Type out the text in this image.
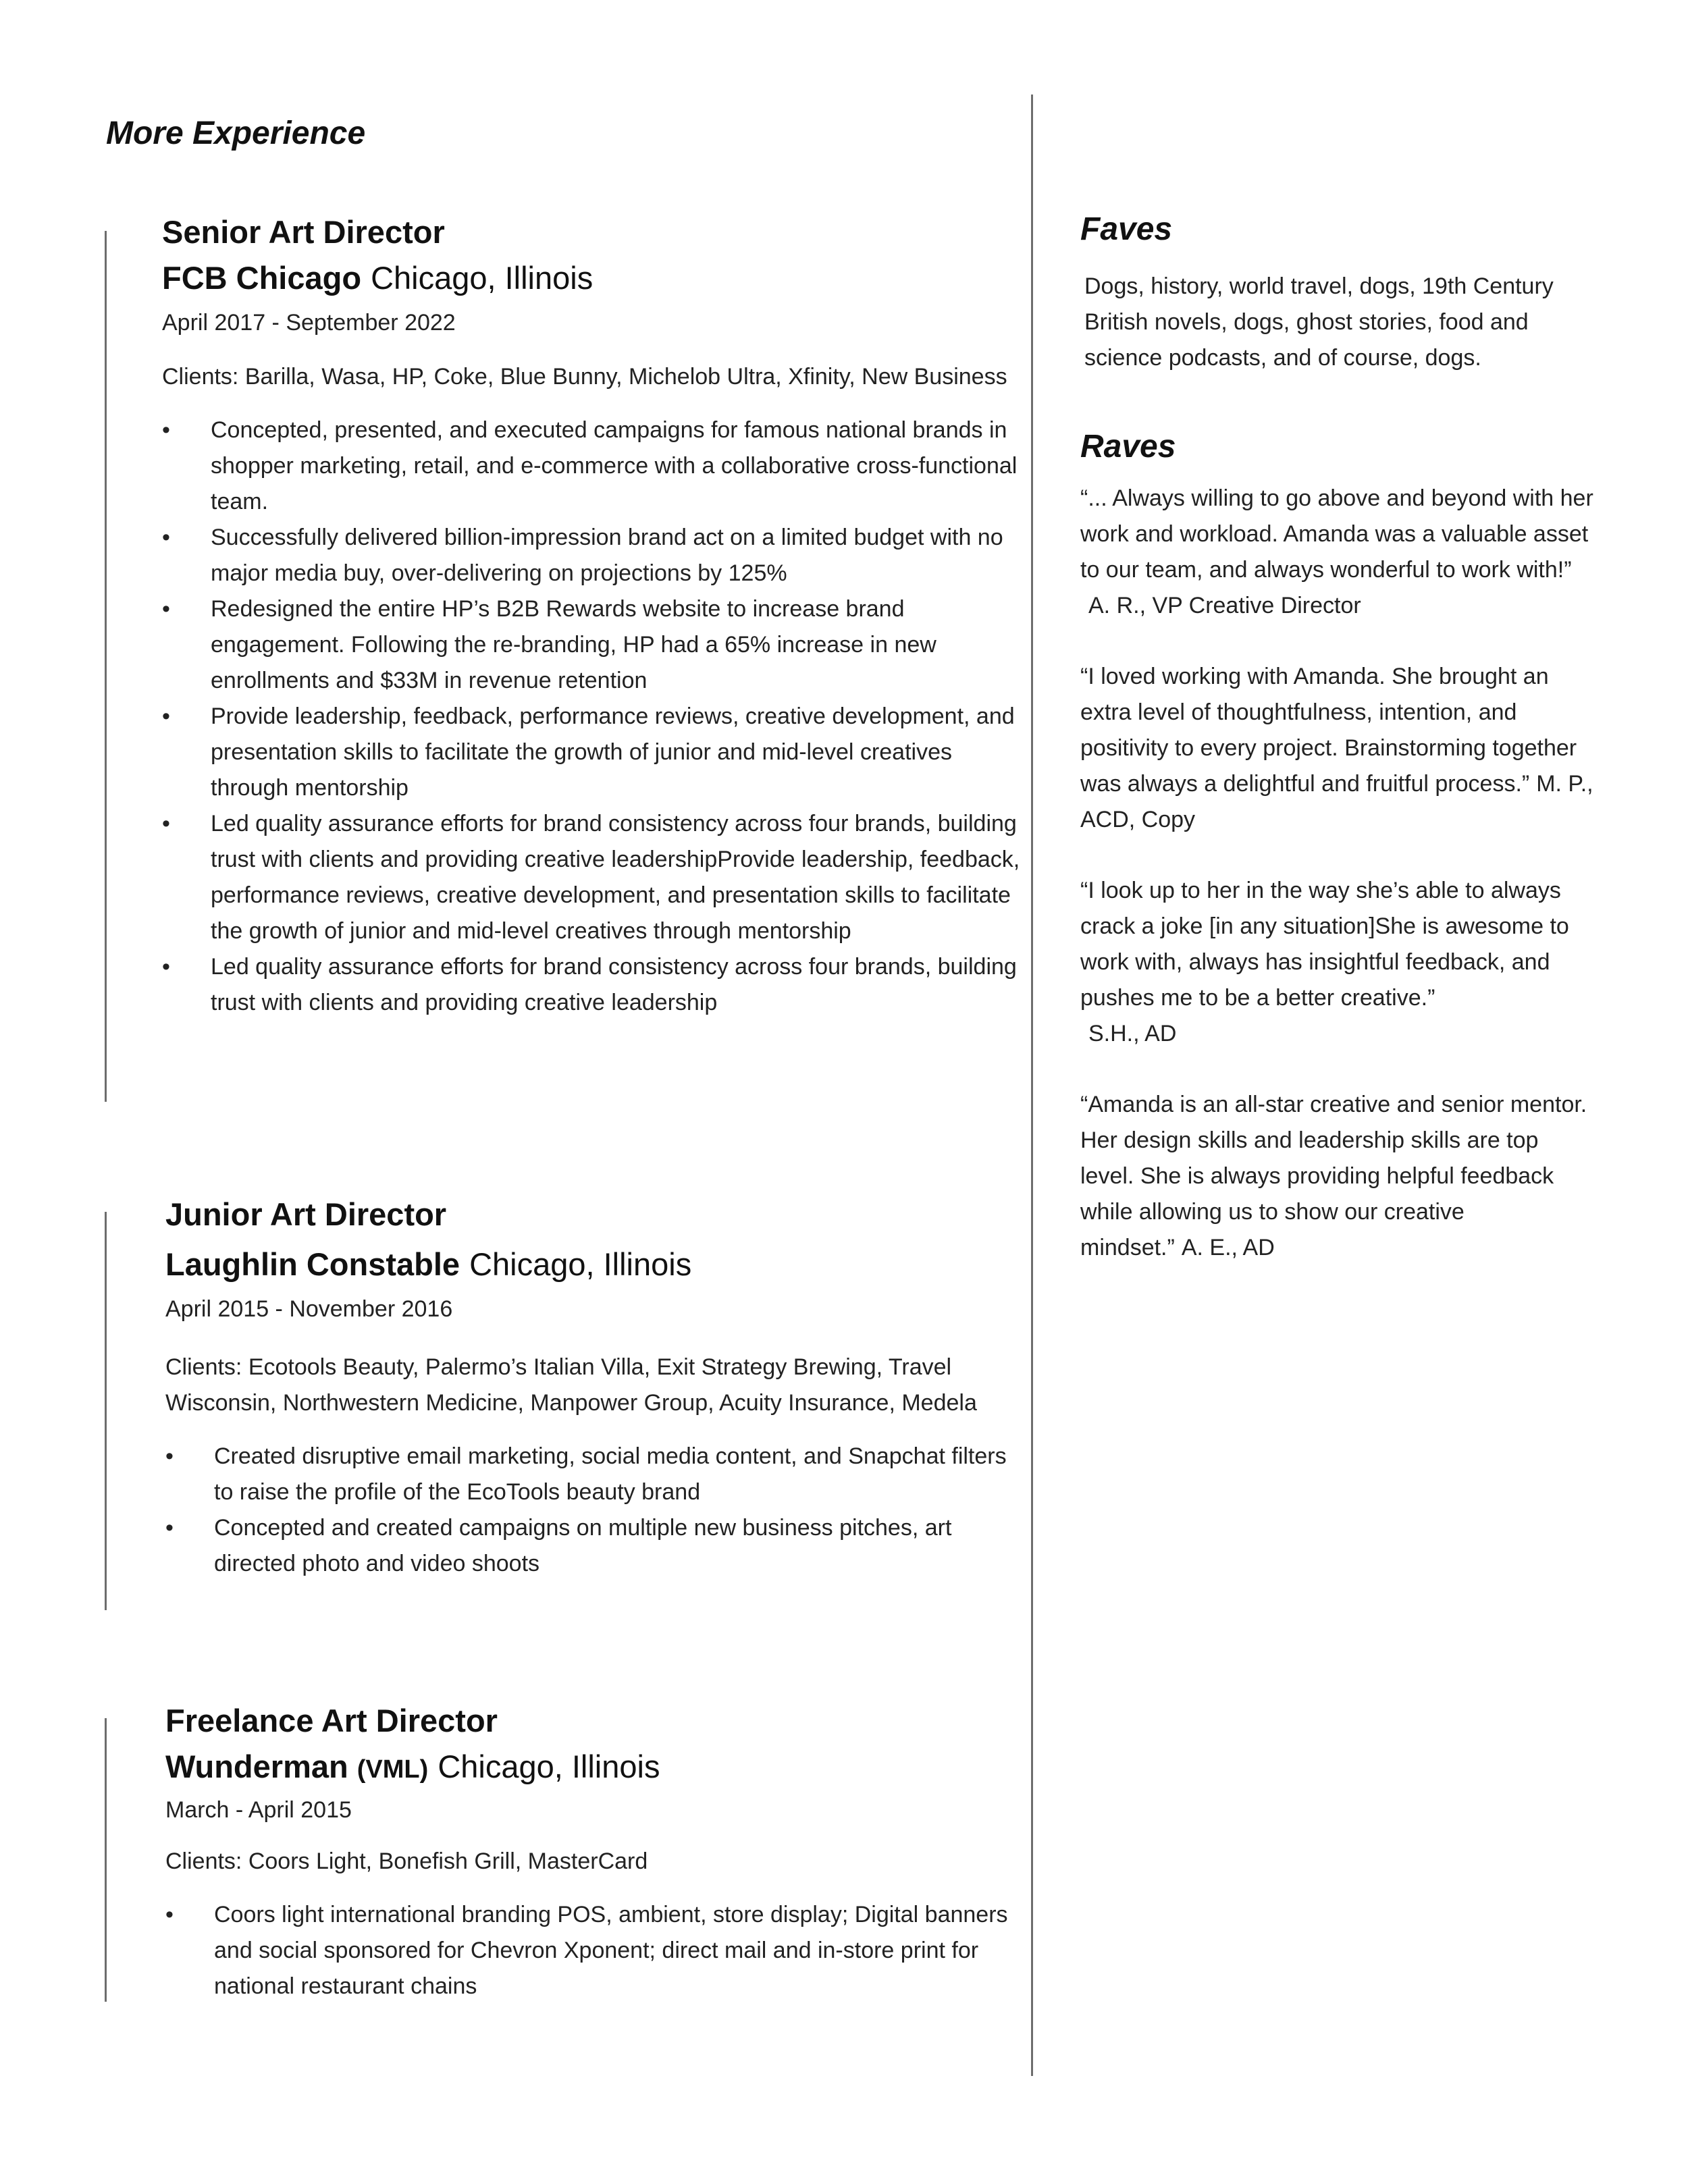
More Experience
Senior Art Director
FCB Chicago Chicago, Illinois
April 2017 - September 2022
Clients: Barilla, Wasa, HP, Coke, Blue Bunny, Michelob Ultra, Xfinity, New Business
• Concepted, presented, and executed campaigns for famous national brands in shopper marketing, retail, and e-commerce with a collaborative cross-functional team.
• Successfully delivered billion-impression brand act on a limited budget with no major media buy, over-delivering on projections by 125%
• Redesigned the entire HP’s B2B Rewards website to increase brand engagement. Following the re-branding, HP had a 65% increase in new enrollments and $33M in revenue retention
• Provide leadership, feedback, performance reviews, creative development, and presentation skills to facilitate the growth of junior and mid-level creatives through mentorship
• Led quality assurance efforts for brand consistency across four brands, building trust with clients and providing creative leadershipProvide leadership, feedback, performance reviews, creative development, and presentation skills to facilitate the growth of junior and mid-level creatives through mentorship
• Led quality assurance efforts for brand consistency across four brands, building trust with clients and providing creative leadership
Junior Art Director
Laughlin Constable Chicago, Illinois
April 2015 - November 2016
Clients: Ecotools Beauty, Palermo’s Italian Villa, Exit Strategy Brewing, Travel Wisconsin, Northwestern Medicine, Manpower Group, Acuity Insurance, Medela
• Created disruptive email marketing, social media content, and Snapchat filters to raise the profile of the EcoTools beauty brand
• Concepted and created campaigns on multiple new business pitches, art directed photo and video shoots
Freelance Art Director
Wunderman (VML) Chicago, Illinois
March - April 2015
Clients: Coors Light, Bonefish Grill, MasterCard
• Coors light international branding POS, ambient, store display; Digital banners and social sponsored for Chevron Xponent; direct mail and in-store print for national restaurant chains
Faves

Dogs, history, world travel, dogs, 19th Century British novels, dogs, ghost stories, food and science podcasts, and of course, dogs.

Raves
“... Always willing to go above and beyond with her work and workload. Amanda was a valuable asset to our team, and always wonderful to work with!”
A. R., VP Creative Director
“I loved working with Amanda. She brought an extra level of thoughtfulness, intention, and positivity to every project. Brainstorming together was always a delightful and fruitful process.” M. P., ACD, Copy
“I look up to her in the way she’s able to always crack a joke [in any situation]She is awesome to work with, always has insightful feedback, and pushes me to be a better creative.”
S.H., AD
“Amanda is an all-star creative and senior mentor. Her design skills and leadership skills are top level. She is always providing helpful feedback while allowing us to show our creative mindset.” A. E., AD
